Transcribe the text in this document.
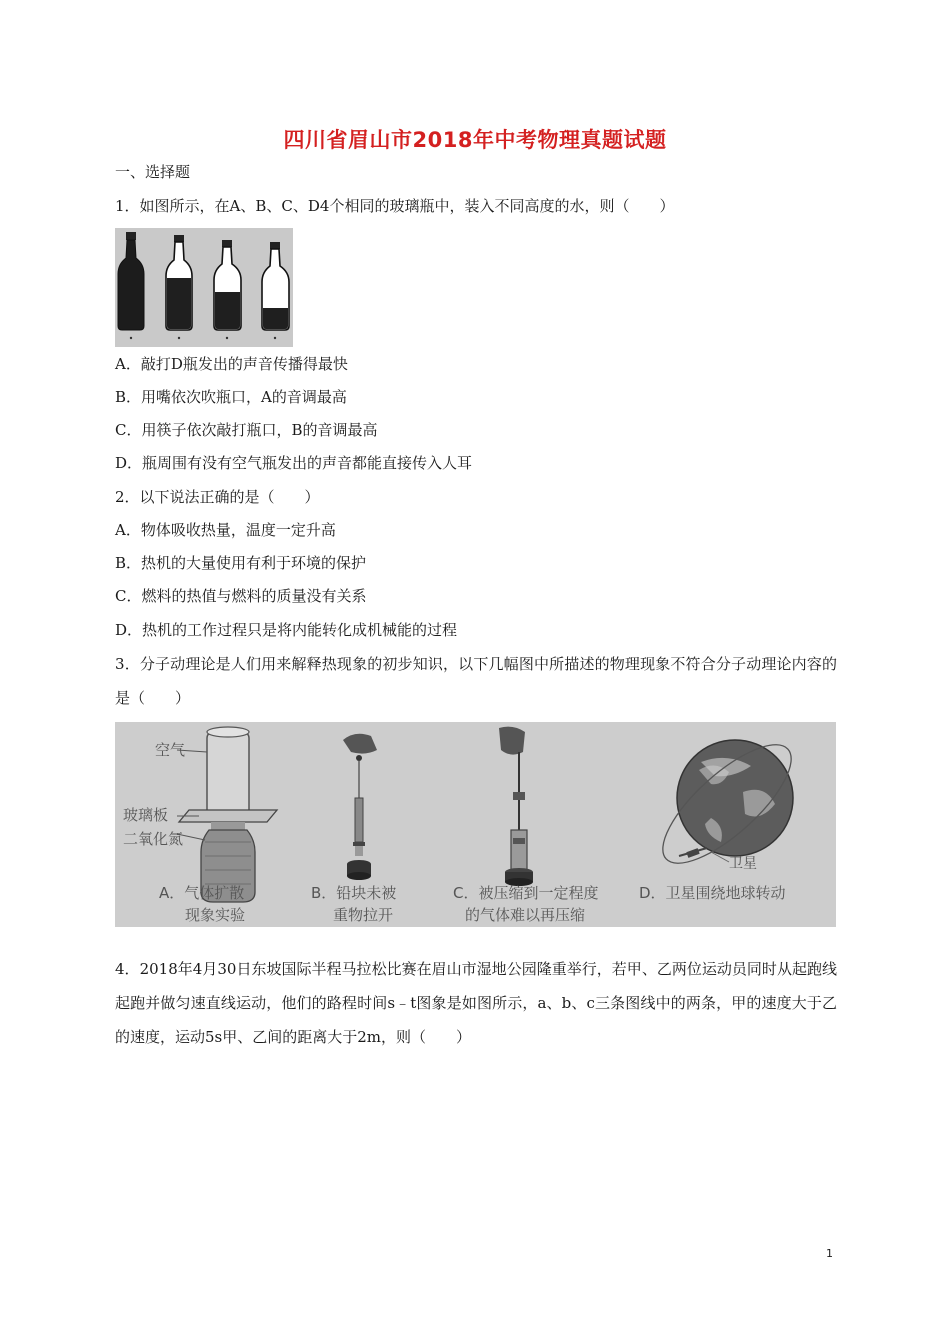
四川省眉山市2018年中考物理真题试题
一、选择题
1．如图所示，在A、B、C、D4个相同的玻璃瓶中，装入不同高度的水，则（　　）
A．敲打D瓶发出的声音传播得最快
B．用嘴依次吹瓶口，A的音调最高
C．用筷子依次敲打瓶口，B的音调最高
D．瓶周围有没有空气瓶发出的声音都能直接传入人耳
2．以下说法正确的是（　　）
A．物体吸收热量，温度一定升高
B．热机的大量使用有利于环境的保护
C．燃料的热值与燃料的质量没有关系
D．热机的工作过程只是将内能转化成机械能的过程
3．分子动理论是人们用来解释热现象的初步知识，以下几幅图中所描述的物理现象不符合分子动理论内容的是（　　）
空气
玻璃板
二氧化氮
A．气体扩散
现象实验
B．铅块未被
重物拉开
C．被压缩到一定程度
的气体难以再压缩
卫星
D．卫星围绕地球转动
4．2018年4月30日东坡国际半程马拉松比赛在眉山市湿地公园隆重举行，若甲、乙两位运动员同时从起跑线起跑并做匀速直线运动，他们的路程时间s﹣t图象是如图所示，a、b、c三条图线中的两条，甲的速度大于乙的速度，运动5s甲、乙间的距离大于2m，则（　　）
1
